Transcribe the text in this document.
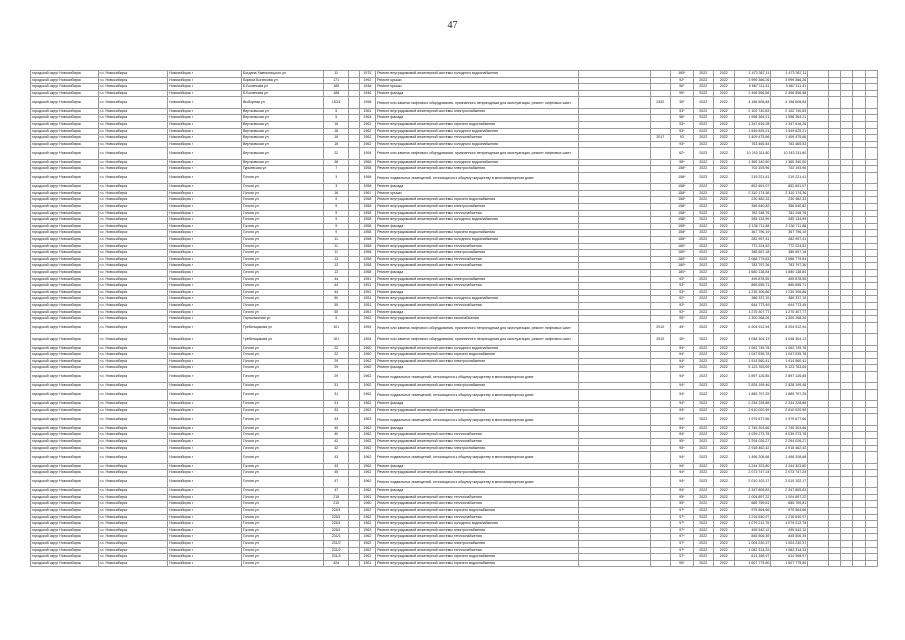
47
городской округ Новосибирск	г.о. Новосибирск	Новосибирск г	Богдана Хмельницкого ул	11		1975	Ремонт внутридомовой инженерной системы холодного водоснабжения			160*	2022	2022	1 473 367,11	1 473 367,11					
городской округ Новосибирск	г.о. Новосибирск	Новосибирск г	Бориса Богаткова ул	171		1992	Ремонт крыши			92*	2022	2022	3 999 366,26	3 999 366,26					
городской округ Новосибирск	г.о. Новосибирск	Новосибирск г	Б.Богаткова ул	185		1948	Ремонт крыши			96*	2022	2022	5 667 111,41	5 667 111,41					
городской округ Новосибирск	г.о. Новосибирск	Новосибирск г	Б.Богаткова ул	186		1946	Ремонт фасада			95*	2022	2022	2 496 556,58	2 496 556,58					
городской округ Новосибирск	г.о. Новосибирск	Новосибирск г	Выборная ул	130/1		1996	Ремонт или замена лифтового оборудования, признанного непригодным для эксплуатации, ремонт лифтовых шахт		2432	35*	2022	2022	4 156 608,84	4 156 608,84					
городской округ Новосибирск	г.о. Новосибирск	Новосибирск г	Вертковская ул	5		1961	Ремонт внутридомовой инженерной системы электроснабжения			93*	2022	2022	2 102 740,83	2 102 740,83					
городской округ Новосибирск	г.о. Новосибирск	Новосибирск г	Вертковская ул	5		1964	Ремонт фасада			98*	2022	2022	1 598 364,21	1 598 364,21					
городской округ Новосибирск	г.о. Новосибирск	Новосибирск г	Вертковская ул	16		1962	Ремонт внутридомовой инженерной системы горячего водоснабжения			93*	2022	2022	1 347 616,28	1 347 616,28					
городской округ Новосибирск	г.о. Новосибирск	Новосибирск г	Вертковская ул	16		1962	Ремонт внутридомовой инженерной системы холодного водоснабжения			93*	2022	2022	1 549 625,21	1 549 625,21					
городской округ Новосибирск	г.о. Новосибирск	Новосибирск г	Вертковская ул	16		1962	Ремонт внутридомовой инженерной системы теплоснабжения		2017	93	2022	2022	1 409 475,66	1 409 475,66					
городской округ Новосибирск	г.о. Новосибирск	Новосибирск г	Вертковская ул	16		1962	Ремонт внутридомовой инженерной системы холодного водоснабжения			93*	2022	2022	763 465,53	763 465,53					
городской округ Новосибирск	г.о. Новосибирск	Новосибирск г	Вертковская ул	22		1994	Ремонт или замена лифтового оборудования, признанного непригодным для эксплуатации, ремонт лифтовых шахт			62*	2022	2022	10 243 311,80	10 243 311,80					
городской округ Новосибирск	г.о. Новосибирск	Новосибирск г	Вертковская ул	28		1966	Ремонт внутридомовой инженерной системы холодного водоснабжения			98*	2022	2022	1 365 340,50	1 365 340,50					
городской округ Новосибирск	г.о. Новосибирск	Новосибирск г	Гурьевская ул	7		1958	Ремонт внутридомовой инженерной системы электроснабжения			158*	2022	2022	702 193,96	702 193,96					
городской округ Новосибирск	г.о. Новосибирск	Новосибирск г	Гоголя ул	3		1958	Ремонт подвальных помещений, относящихся к общему имуществу в многоквартирном доме			158*	2022	2022	219 221,41	219 221,41					
городской округ Новосибирск	г.о. Новосибирск	Новосибирск г	Гоголя ул	3		1958	Ремонт фасада			158*	2022	2022	852 691,07	852 691,07					
городской округ Новосибирск	г.о. Новосибирск	Новосибирск г	Гоголя ул	16		1961	Ремонт крыши			158*	2022	2022	2 310 174,36	2 310 174,36					
городской округ Новосибирск	г.о. Новосибирск	Новосибирск г	Гоголя ул	9		1958	Ремонт внутридомовой инженерной системы горячего водоснабжения			158*	2022	2022	230 482,33	230 482,33					
городской округ Новосибирск	г.о. Новосибирск	Новосибирск г	Гоголя ул	9		1958	Ремонт внутридомовой инженерной системы электроснабжения			158*	2022	2022	356 640,82	356 640,82					
городской округ Новосибирск	г.о. Новосибирск	Новосибирск г	Гоголя ул	9		1958	Ремонт внутридомовой инженерной системы теплоснабжения			158*	2022	2022	782 248,76	782 248,76					
городской округ Новосибирск	г.о. Новосибирск	Новосибирск г	Гоголя ул	9		1958	Ремонт внутридомовой инженерной системы холодного водоснабжения			158*	2022	2022	285 134,99	285 134,99					
городской округ Новосибирск	г.о. Новосибирск	Новосибирск г	Гоголя ул	9		1958	Ремонт фасада			158*	2022	2022	2 136 711,88	2 136 711,88					
городской округ Новосибирск	г.о. Новосибирск	Новосибирск г	Гоголя ул	9		1958	Ремонт внутридомовой инженерной системы горячего водоснабжения			158*	2022	2022	367 796,19	367 796,19					
городской округ Новосибирск	г.о. Новосибирск	Новосибирск г	Гоголя ул	11		1958	Ремонт внутридомовой инженерной системы холодного водоснабжения			158*	2022	2022	282 997,41	282 997,41					
городской округ Новосибирск	г.о. Новосибирск	Новосибирск г	Гоголя ул	11		1958	Ремонт внутридомовой инженерной системы теплоснабжения			180*	2022	2022	772 224,52	772 224,52					
городской округ Новосибирск	г.о. Новосибирск	Новосибирск г	Гоголя ул	11		1958	Ремонт внутридомовой инженерной системы электроснабжения			180*	2022	2022	385 657,18	385 657,18					
городской округ Новосибирск	г.о. Новосибирск	Новосибирск г	Гоголя ул	13		1958	Ремонт внутридомовой инженерной системы теплоснабжения			180*	2022	2022	2 068 779,83	2 068 779,83					
городской округ Новосибирск	г.о. Новосибирск	Новосибирск г	Гоголя ул	13		1958	Ремонт внутридомовой инженерной системы теплоснабжения			180*	2022	2022	783 797,36	783 797,36					
городской округ Новосибирск	г.о. Новосибирск	Новосибирск г	Гоголя ул	13		1958	Ремонт фасада			180*	2022	2022	1 680 138,84	1 680 138,84					
городской округ Новосибирск	г.о. Новосибирск	Новосибирск г	Гоголя ул	44		1951	Ремонт внутридомовой инженерной системы электроснабжения			93*	2022	2022	495 878,55	495 878,55					
городской округ Новосибирск	г.о. Новосибирск	Новосибирск г	Гоголя ул	44		1951	Ремонт внутридомовой инженерной системы теплоснабжения			93*	2022	2022	865 695,71	865 695,71					
городской округ Новосибирск	г.о. Новосибирск	Новосибирск г	Гоголя ул	44		1951	Ремонт фасада			93*	2022	2022	1 235 306,86	1 235 306,86					
городской округ Новосибирск	г.о. Новосибирск	Новосибирск г	Гоголя ул	50		1951	Ремонт внутридомовой инженерной системы холодного водоснабжения			92*	2022	2022	386 337,15	386 337,15					
городской округ Новосибирск	г.о. Новосибирск	Новосибирск г	Гоголя ул	50		1951	Ремонт внутридомовой инженерной системы теплоснабжения			92*	2022	2022	644 773,49	644 773,49					
городской округ Новосибирск	г.о. Новосибирск	Новосибирск г	Гоголя ул	50		1951	Ремонт фасада			92*	2022	2022	1 275 307,77	1 275 307,77					
городской округ Новосибирск	г.о. Новосибирск	Новосибирск г	Горнолыжная ул	5		1963	Ремонт внутридомовой инженерной системы газоснабжения			95*	2022	2022	1 300 268,26	1 300 268,26					
городской округ Новосибирск	г.о. Новосибирск	Новосибирск г	Гребенщикова ул	101		1994	Ремонт или замена лифтового оборудования, признанного непригодным для эксплуатации, ремонт лифтовых шахт		2910	45*	2022	2022	6 204 912,94	6 204 912,94					
городской округ Новосибирск	г.о. Новосибирск	Новосибирск г	Гребенщикова ул	101		1994	Ремонт или замена лифтового оборудования, признанного непригодным для эксплуатации, ремонт лифтовых шахт		2910	35*	2022	2022	4 048 304,13	4 048 304,13					
городской округ Новосибирск	г.о. Новосибирск	Новосибирск г	Гоголя ул	22		1960	Ремонт внутридомовой инженерной системы холодного водоснабжения			94*	2022	2022	1 062 749,78	1 062 749,78					
городской округ Новосибирск	г.о. Новосибирск	Новосибирск г	Гоголя ул	22		1960	Ремонт внутридомовой инженерной системы горячего водоснабжения			94*	2022	2022	1 047 535,78	1 047 535,78					
городской округ Новосибирск	г.о. Новосибирск	Новосибирск г	Гоголя ул	29		1962	Ремонт внутридомовой инженерной системы электроснабжения			94*	2022	2022	1 914 560,41	1 914 560,41					
городской округ Новосибирск	г.о. Новосибирск	Новосибирск г	Гоголя ул	29		1962	Ремонт фасада			94*	2022	2022	5 123 763,69	5 123 763,69					
городской округ Новосибирск	г.о. Новосибирск	Новосибирск г	Гоголя ул	29		1962	Ремонт подвальных помещений, относящихся к общему имуществу в многоквартирном доме			94*	2022	2022	2 897 126,85	2 897 126,85					
городской округ Новосибирск	г.о. Новосибирск	Новосибирск г	Гоголя ул	31		1962	Ремонт внутридомовой инженерной системы электроснабжения			94*	2022	2022	2 828 199,46	2 828 199,46					
городской округ Новосибирск	г.о. Новосибирск	Новосибирск г	Гоголя ул	31		1962	Ремонт подвальных помещений, относящихся к общему имуществу в многоквартирном доме			94*	2022	2022	1 889 797,25	1 889 797,25					
городской округ Новосибирск	г.о. Новосибирск	Новосибирск г	Гоголя ул	31		1962	Ремонт фасада			94*	2022	2022	2 244 228,88	2 244 228,88					
городской округ Новосибирск	г.о. Новосибирск	Новосибирск г	Гоголя ул	33		1963	Ремонт внутридомовой инженерной системы электроснабжения			94*	2022	2022	2 610 020,99	2 610 020,99					
городской округ Новосибирск	г.о. Новосибирск	Новосибирск г	Гоголя ул	33		1963	Ремонт подвальных помещений, относящихся к общему имуществу в многоквартирном доме			94*	2022	2022	1 979 677,66	1 979 677,66					
городской округ Новосибирск	г.о. Новосибирск	Новосибирск г	Гоголя ул	40		1962	Ремонт фасада			94*	2022	2022	2 745 303,66	2 745 303,66					
городской округ Новосибирск	г.о. Новосибирск	Новосибирск г	Гоголя ул	40		1962	Ремонт внутридомовой инженерной системы теплоснабжения			94*	2022	2022	4 039 273,78	4 039 273,78					
городской округ Новосибирск	г.о. Новосибирск	Новосибирск г	Гоголя ул	42		1962	Ремонт внутридомовой инженерной системы теплоснабжения			95*	2022	2022	2 294 026,27	2 294 026,27					
городской округ Новосибирск	г.о. Новосибирск	Новосибирск г	Гоголя ул	42		1962	Ремонт внутридомовой инженерной системы электроснабжения			95*	2022	2022	2 918 462,42	2 918 462,42					
городской округ Новосибирск	г.о. Новосибирск	Новосибирск г	Гоголя ул	43		1962	Ремонт подвальных помещений, относящихся к общему имуществу в многоквартирном доме			94*	2022	2022	1 496 208,68	1 496 208,68					
городской округ Новосибирск	г.о. Новосибирск	Новосибирск г	Гоголя ул	43		1962	Ремонт фасада			94*	2022	2022	3 244 323,80	3 244 323,80					
городской округ Новосибирск	г.о. Новосибирск	Новосибирск г	Гоголя ул	45		1962	Ремонт внутридомовой инженерной системы электроснабжения			94*	2022	2022	2 073 747,24	2 073 747,24					
городской округ Новосибирск	г.о. Новосибирск	Новосибирск г	Гоголя ул	47		1962	Ремонт подвальных помещений, относящихся к общему имуществу в многоквартирном доме			94*	2022	2022	2 010 102,17	2 010 102,17					
городской округ Новосибирск	г.о. Новосибирск	Новосибирск г	Гоголя ул	47		1962	Ремонт фасада			94*	2022	2022	2 347 805,83	2 347 805,83					
городской округ Новосибирск	г.о. Новосибирск	Новосибирск г	Гоголя ул	215		1961	Ремонт внутридомовой инженерной системы теплоснабжения			95*	2022	2022	1 004 897,22	1 004 897,22					
городской округ Новосибирск	г.о. Новосибирск	Новосибирск г	Гоголя ул	215		1960	Ремонт внутридомовой инженерной системы теплоснабжения			95*	2022	2022	685 759,81	685 759,81					
городской округ Новосибирск	г.о. Новосибирск	Новосибирск г	Гоголя ул	225/1		1962	Ремонт внутридомовой инженерной системы горячего водоснабжения			97*	2022	2022	975 564,66	975 564,66					
городской округ Новосибирск	г.о. Новосибирск	Новосибирск г	Гоголя ул	225/1		1962	Ремонт внутридомовой инженерной системы теплоснабжения			97*	2022	2022	1 216 640,97	1 216 640,97					
городской округ Новосибирск	г.о. Новосибирск	Новосибирск г	Гоголя ул	225/1		1962	Ремонт внутридомовой инженерной системы холодного водоснабжения			97*	2022	2022	1 079 212,76	1 079 212,76					
городской округ Новосибирск	г.о. Новосибирск	Новосибирск г	Гоголя ул	225/1		1963	Ремонт внутридомовой инженерной системы электроснабжения			97*	2022	2022	495 542,12	495 542,12					
городской округ Новосибирск	г.о. Новосибирск	Новосибирск г	Гоголя ул	231/1		1962	Ремонт внутридомовой инженерной системы теплоснабжения			97*	2022	2022	845 506,39	845 506,39					
городской округ Новосибирск	г.о. Новосибирск	Новосибирск г	Гоголя ул	231/2		1962	Ремонт внутридомовой инженерной системы электроснабжения			97*	2022	2022	1 004 230,37	1 004 230,37					
городской округ Новосибирск	г.о. Новосибирск	Новосибирск г	Гоголя ул	231/2		1962	Ремонт внутридомовой инженерной системы теплоснабжения			97*	2022	2022	1 082 314,33	1 082 314,33					
городской округ Новосибирск	г.о. Новосибирск	Новосибирск г	Гоголя ул	231/3		1962	Ремонт внутридомовой инженерной системы горячего водоснабжения			97*	2022	2022	614 398,97	614 398,97					
городской округ Новосибирск	г.о. Новосибирск	Новосибирск г	Гоголя ул	42а		1961	Ремонт внутридомовой инженерной системы горячего водоснабжения			95*	2022	2022	1 607 775,80	1 607 775,80					
